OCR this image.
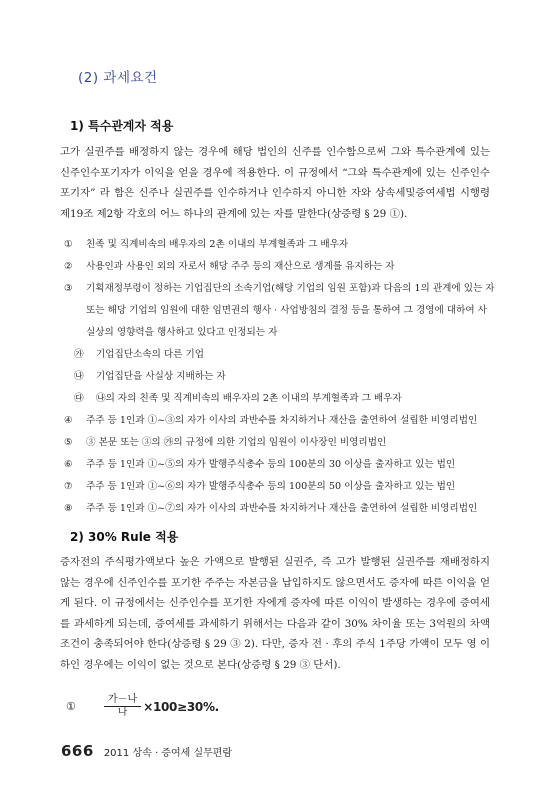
(2) 과세요건
1) 특수관계자 적용

고가 실권주를 배정하지 않는 경우에 해당 법인의 신주를 인수함으로써 그와 특수관계에 있는 신주인수포기자가 이익을 얻을 경우에 적용한다. 이 규정에서 “그와 특수관계에 있는 신주인수포기자” 라 함은 신주나 실권주를 인수하거나 인수하지 아니한 자와 상속세및증여세법 시행령 제19조 제2항 각호의 어느 하나의 관계에 있는 자를 말한다(상증령 § 29 ①).

①	친족 및 직계비속의 배우자의 2촌 이내의 부계혈족과 그 배우자
②	사용인과 사용인 외의 자로서 해당 주주 등의 재산으로 생계를 유지하는 자
③	기획재정부령이 정하는 기업집단의 소속기업(해당 기업의 임원 포함)과 다음의 1의 관계에 있는 자 또는 해당 기업의 임원에 대한 임면권의 행사 · 사업방침의 결정 등을 통하여 그 경영에 대하여 사실상의 영향력을 행사하고 있다고 인정되는 자
㉮	기업집단소속의 다른 기업
㉯	기업집단을 사실상 지배하는 자
㉰	㉯의 자의 친족 및 직계비속의 배우자의 2촌 이내의 부계혈족과 그 배우자
④	주주 등 1인과 ①~③의 자가 이사의 과반수를 차지하거나 재산을 출연하여 설립한 비영리법인
⑤	③ 본문 또는 ③의 ㉮의 규정에 의한 기업의 임원이 이사장인 비영리법인
⑥	주주 등 1인과 ①~⑤의 자가 발행주식총수 등의 100분의 30 이상을 출자하고 있는 법인
⑦	주주 등 1인과 ①~⑥의 자가 발행주식총수 등의 100분의 50 이상을 출자하고 있는 법인
⑧	주주 등 1인과 ①~⑦의 자가 이사의 과반수를 차지하거나 재산을 출연하여 설립한 비영리법인
2) 30% Rule 적용

증자전의 주식평가액보다 높은 가액으로 발행된 실권주, 즉 고가 발행된 실권주를 재배정하지 않는 경우에 신주인수를 포기한 주주는 자본금을 납입하지도 않으면서도 증자에 따른 이익을 얻게 된다. 이 규정에서는 신주인수를 포기한 자에게 증자에 따른 이익이 발생하는 경우에 증여세를 과세하게 되는데, 증여세를 과세하기 위해서는 다음과 같이 30% 차이율 또는 3억원의 차액 조건이 충족되어야 한다(상증령 § 29 ③ 2). 다만, 증자 전 · 후의 주식 1주당 가액이 모두 영 이하인 경우에는 이익이 없는 것으로 본다(상증령 § 29 ③ 단서).

①	$\frac{\text{가－나}}{\text{나}} \times 100\ge 30\%$.
666 2011 상속 · 증여세 실무편람
